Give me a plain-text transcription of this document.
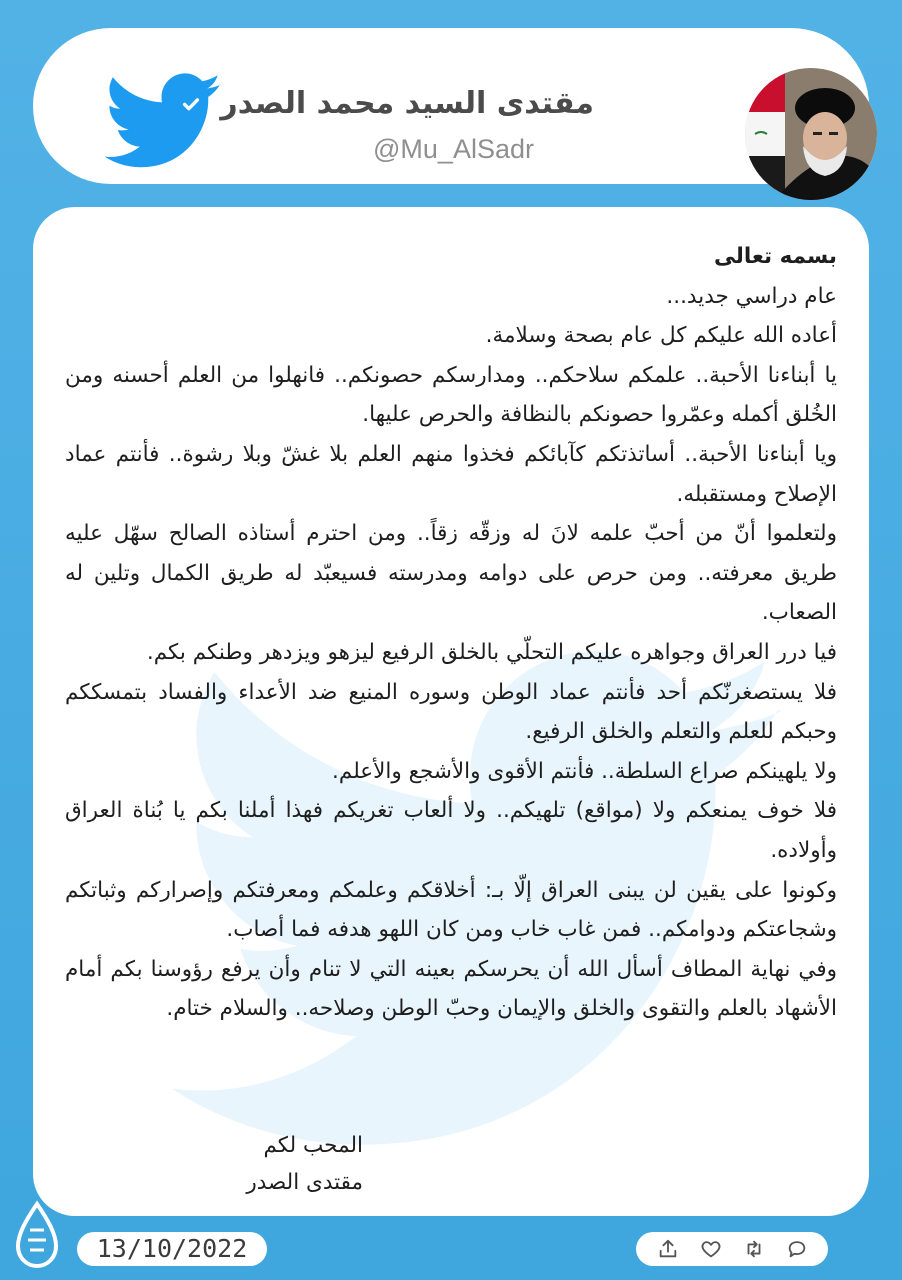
مقتدى السيد محمد الصدر
@Mu_AlSadr

بسمه تعالى

عام دراسي جديد...

أعاده الله عليكم كل عام بصحة وسلامة.

يا أبناءنا الأحبة.. علمكم سلاحكم.. ومدارسكم حصونكم.. فانهلوا من العلم أحسنه ومن الخُلق أكمله وعمّروا حصونكم بالنظافة والحرص عليها.

ويا أبناءنا الأحبة.. أساتذتكم كآبائكم فخذوا منهم العلم بلا غشّ وبلا رشوة.. فأنتم عماد الإصلاح ومستقبله.

ولتعلموا أنّ من أحبّ علمه لانَ له وزقّه زقاً.. ومن احترم أستاذه الصالح سهّل عليه طريق معرفته.. ومن حرص على دوامه ومدرسته فسيعبّد له طريق الكمال وتلين له الصعاب.

فيا درر العراق وجواهره عليكم التحلّي بالخلق الرفيع ليزهو ويزدهر وطنكم بكم.

فلا يستصغرنّكم أحد فأنتم عماد الوطن وسوره المنيع ضد الأعداء والفساد بتمسككم وحبكم للعلم والتعلم والخلق الرفيع.

ولا يلهينكم صراع السلطة.. فأنتم الأقوى والأشجع والأعلم.

فلا خوف يمنعكم ولا (مواقع) تلهيكم.. ولا ألعاب تغريكم فهذا أملنا بكم يا بُناة العراق وأولاده.

وكونوا على يقين لن يبنى العراق إلّا بـ: أخلاقكم وعلمكم ومعرفتكم وإصراركم وثباتكم وشجاعتكم ودوامكم.. فمن غاب خاب ومن كان اللهو هدفه فما أصاب.

وفي نهاية المطاف أسأل الله أن يحرسكم بعينه التي لا تنام وأن يرفع رؤوسنا بكم أمام الأشهاد بالعلم والتقوى والخلق والإيمان وحبّ الوطن وصلاحه.. والسلام ختام.

المحب لكم
مقتدى الصدر
13/10/2022
